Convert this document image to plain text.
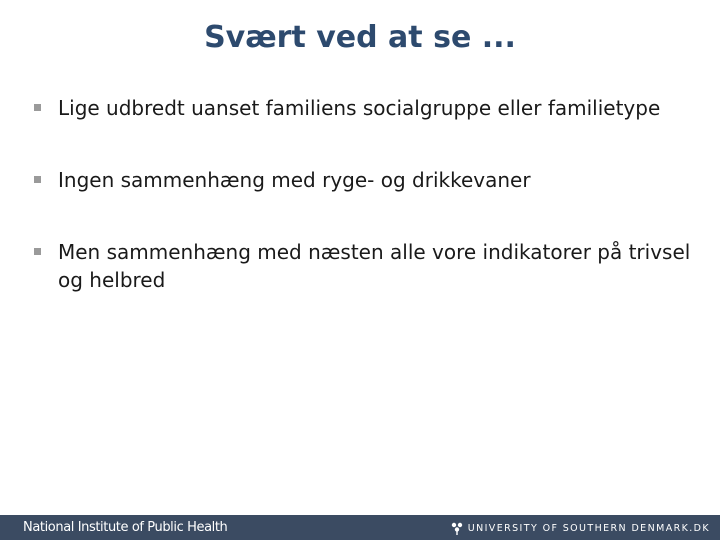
Svært ved at se ...
Lige udbredt uanset familiens socialgruppe eller familietype
Ingen sammenhæng med ryge- og drikkevaner
Men sammenhæng med næsten alle vore indikatorer på trivsel og helbred
National Institute of Public Health	UNIVERSITY OF SOUTHERN DENMARK.DK
